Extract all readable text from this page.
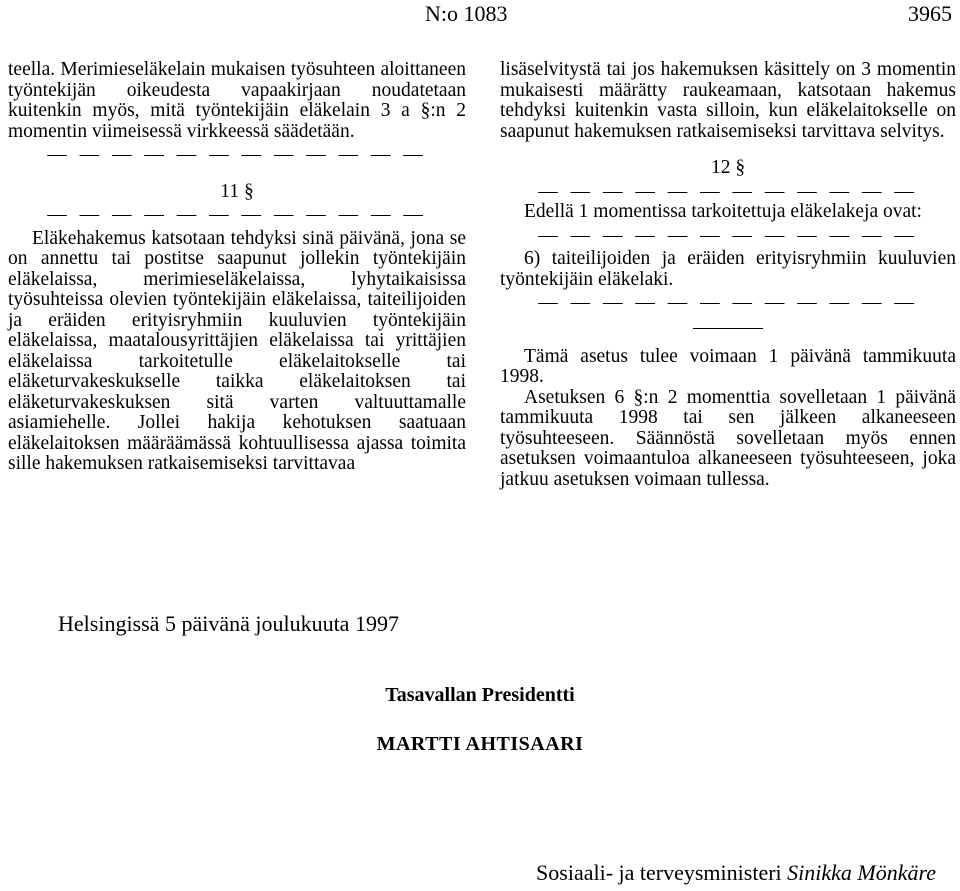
N:o 1083	3965

teella. Merimieseläkelain mukaisen työsuhteen aloittaneen työntekijän oikeudesta vapaakirjaan noudatetaan kuitenkin myös, mitä työntekijäin eläkelain 3 a §:n 2 momentin viimeisessä virkkeessä säädetään.

— — — — — — — — — — — —
11 §
— — — — — — — — — — — —

Eläkehakemus katsotaan tehdyksi sinä päivänä, jona se on annettu tai postitse saapunut jollekin työntekijäin eläkelaissa, merimieseläkelaissa, lyhytaikaisissa työsuhteissa olevien työntekijäin eläkelaissa, taiteilijoiden ja eräiden erityisryhmiin kuuluvien työntekijäin eläkelaissa, maatalousyrittäjien eläkelaissa tai yrittäjien eläkelaissa tarkoitetulle eläkelaitokselle tai eläketurvakeskukselle taikka eläkelaitoksen tai eläketurvakeskuksen sitä varten valtuuttamalle asiamiehelle. Jollei hakija kehotuksen saatuaan eläkelaitoksen määräämässä kohtuullisessa ajassa toimita sille hakemuksen ratkaisemiseksi tarvittavaa

lisäselvitystä tai jos hakemuksen käsittely on 3 momentin mukaisesti määrätty raukeamaan, katsotaan hakemus tehdyksi kuitenkin vasta silloin, kun eläkelaitokselle on saapunut hakemuksen ratkaisemiseksi tarvittava selvitys.

12 §
— — — — — — — — — — — —

Edellä 1 momentissa tarkoitettuja eläkelakeja ovat:

— — — — — — — — — — — —

6) taiteilijoiden ja eräiden erityisryhmiin kuuluvien työntekijäin eläkelaki.

— — — — — — — — — — — —

Tämä asetus tulee voimaan 1 päivänä tammikuuta 1998.

Asetuksen 6 §:n 2 momenttia sovelletaan 1 päivänä tammikuuta 1998 tai sen jälkeen alkaneeseen työsuhteeseen. Säännöstä sovelletaan myös ennen asetuksen voimaantuloa alkaneeseen työsuhteeseen, joka jatkuu asetuksen voimaan tullessa.

Helsingissä 5 päivänä joulukuuta 1997
Tasavallan Presidentti
MARTTI AHTISAARI
Sosiaali- ja terveysministeri Sinikka Mönkäre
